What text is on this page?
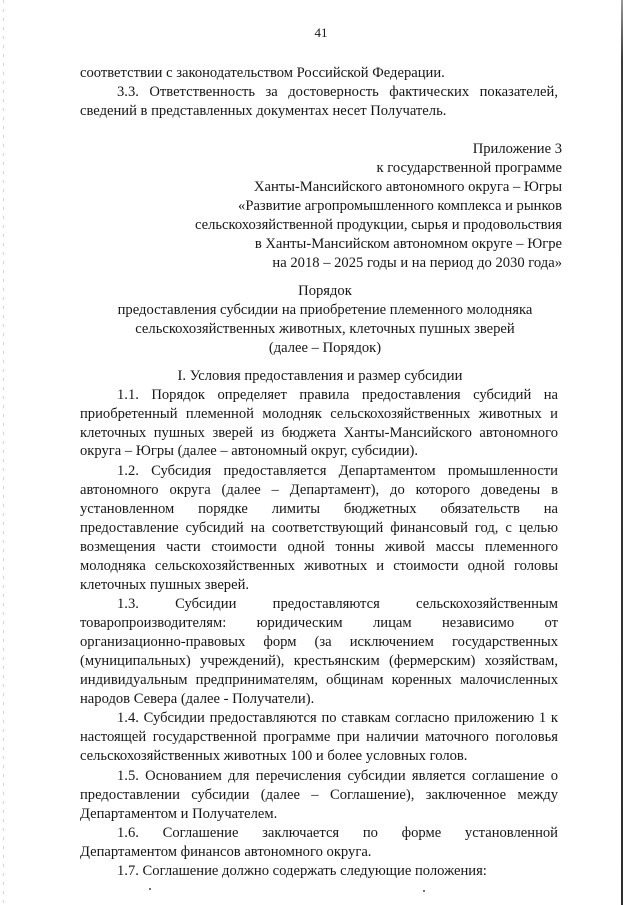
41
соответствии с законодательством Российской Федерации.
3.3. Ответственность за достоверность фактических показателей,
сведений в представленных документах несет Получатель.
Приложение 3
к государственной программе
Ханты-Мансийского автономного округа – Югры
«Развитие агропромышленного комплекса и рынков
сельскохозяйственной продукции, сырья и продовольствия
в Ханты-Мансийском автономном округе – Югре
на 2018 – 2025 годы и на период до 2030 года»
Порядок
предоставления субсидии на приобретение племенного молодняка
сельскохозяйственных животных, клеточных пушных зверей
(далее – Порядок)
I. Условия предоставления и размер субсидии
1.1. Порядок определяет правила предоставления субсидий на
приобретенный племенной молодняк сельскохозяйственных животных и
клеточных пушных зверей из бюджета Ханты-Мансийского автономного
округа – Югры (далее – автономный округ, субсидии).
1.2. Субсидия предоставляется Департаментом промышленности
автономного округа (далее – Департамент), до которого доведены в
установленном порядке лимиты бюджетных обязательств на
предоставление субсидий на соответствующий финансовый год, с целью
возмещения части стоимости одной тонны живой массы племенного
молодняка сельскохозяйственных животных и стоимости одной головы
клеточных пушных зверей.
1.3. Субсидии предоставляются сельскохозяйственным
товаропроизводителям: юридическим лицам независимо от
организационно-правовых форм (за исключением государственных
(муниципальных) учреждений), крестьянским (фермерским) хозяйствам,
индивидуальным предпринимателям, общинам коренных малочисленных
народов Севера (далее - Получатели).
1.4. Субсидии предоставляются по ставкам согласно приложению 1 к
настоящей государственной программе при наличии маточного поголовья
сельскохозяйственных животных 100 и более условных голов.
1.5. Основанием для перечисления субсидии является соглашение о
предоставлении субсидии (далее – Соглашение), заключенное между
Департаментом и Получателем.
1.6. Соглашение заключается по форме установленной
Департаментом финансов автономного округа.
1.7. Соглашение должно содержать следующие положения:
